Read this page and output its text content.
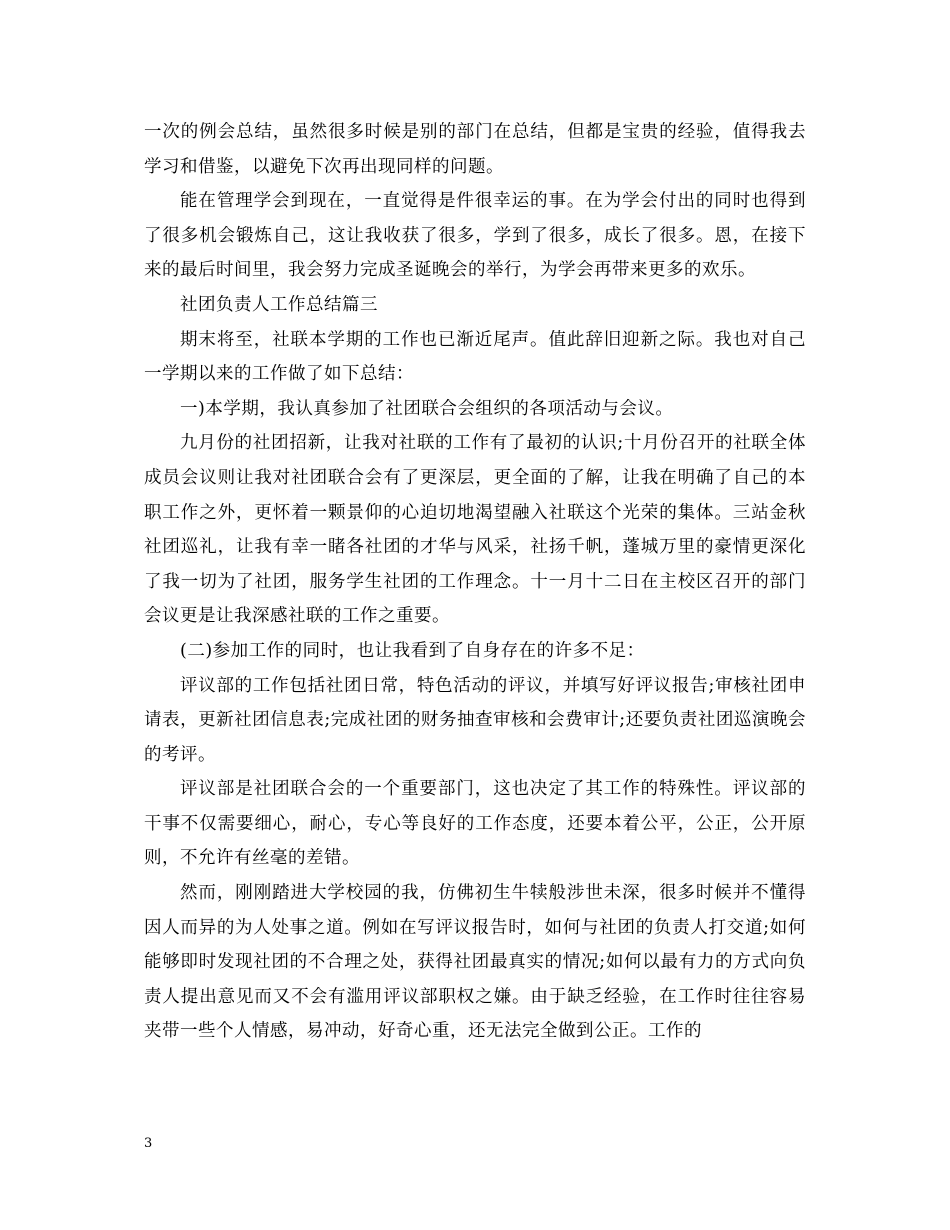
一次的例会总结，虽然很多时候是别的部门在总结，但都是宝贵的经验，值得我去学习和借鉴，以避免下次再出现同样的问题。

能在管理学会到现在，一直觉得是件很幸运的事。在为学会付出的同时也得到了很多机会锻炼自己，这让我收获了很多，学到了很多，成长了很多。恩，在接下来的最后时间里，我会努力完成圣诞晚会的举行，为学会再带来更多的欢乐。

社团负责人工作总结篇三

期末将至，社联本学期的工作也已渐近尾声。值此辞旧迎新之际。我也对自己一学期以来的工作做了如下总结：

一)本学期，我认真参加了社团联合会组织的各项活动与会议。

九月份的社团招新，让我对社联的工作有了最初的认识;十月份召开的社联全体成员会议则让我对社团联合会有了更深层，更全面的了解，让我在明确了自己的本职工作之外，更怀着一颗景仰的心迫切地渴望融入社联这个光荣的集体。三站金秋社团巡礼，让我有幸一睹各社团的才华与风采，社扬千帆，蓬城万里的豪情更深化了我一切为了社团，服务学生社团的工作理念。十一月十二日在主校区召开的部门会议更是让我深感社联的工作之重要。

(二)参加工作的同时，也让我看到了自身存在的许多不足：

评议部的工作包括社团日常，特色活动的评议，并填写好评议报告;审核社团申请表，更新社团信息表;完成社团的财务抽查审核和会费审计;还要负责社团巡演晚会的考评。

评议部是社团联合会的一个重要部门，这也决定了其工作的特殊性。评议部的干事不仅需要细心，耐心，专心等良好的工作态度，还要本着公平，公正，公开原则，不允许有丝毫的差错。

然而，刚刚踏进大学校园的我，仿佛初生牛犊般涉世未深，很多时候并不懂得因人而异的为人处事之道。例如在写评议报告时，如何与社团的负责人打交道;如何能够即时发现社团的不合理之处，获得社团最真实的情况;如何以最有力的方式向负责人提出意见而又不会有滥用评议部职权之嫌。由于缺乏经验，在工作时往往容易夹带一些个人情感，易冲动，好奇心重，还无法完全做到公正。工作的

3
